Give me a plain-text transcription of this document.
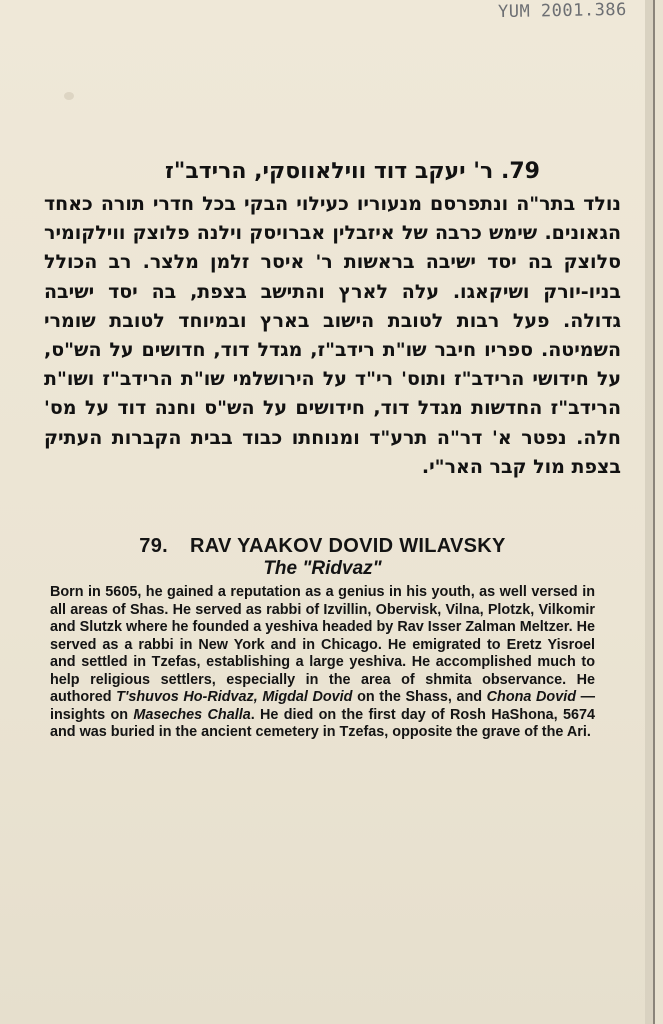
YUM 2001.386
79. ר' יעקב דוד ווילאווסקי, הרידב"ז

נולד בתר"ה ונתפרסם מנעוריו כעילוי הבקי בכל חדרי תורה כאחד הגאונים. שימש כרבה של איזבלין אברויסק וילנה פלוצק ווילקומיר סלוצק בה יסד ישיבה בראשות ר' איסר זלמן מלצר. רב הכולל בניו-יורק ושיקאגו. עלה לארץ והתישב בצפת, בה יסד ישיבה גדולה. פעל רבות לטובת הישוב בארץ ובמיוחד לטובת שומרי השמיטה. ספריו חיבר שו"ת רידב"ז, מגדל דוד, חדושים על הש"ס, על חידושי הרידב"ז ותוס' רי"ד על הירושלמי שו"ת הרידב"ז ושו"ת הרידב"ז החדשות מגדל דוד, חידושים על הש"ס וחנה דוד על מס' חלה. נפטר א' דר"ה תרע"ד ומנוחתו כבוד בבית הקברות העתיק בצפת מול קבר האר"י.

79. RAV YAAKOV DOVID WILAVSKY
The "Ridvaz"

Born in 5605, he gained a reputation as a genius in his youth, as well versed in all areas of Shas. He served as rabbi of Izvillin, Obervisk, Vilna, Plotzk, Vilkomir and Slutzk where he founded a yeshiva headed by Rav Isser Zalman Meltzer. He served as a rabbi in New York and in Chicago. He emigrated to Eretz Yisroel and settled in Tzefas, establishing a large yeshiva. He accomplished much to help religious settlers, especially in the area of shmita observance. He authored T'shuvos Ho-Ridvaz, Migdal Dovid on the Shass, and Chona Dovid — insights on Maseches Challa. He died on the first day of Rosh HaShona, 5674 and was buried in the ancient cemetery in Tzefas, opposite the grave of the Ari.
